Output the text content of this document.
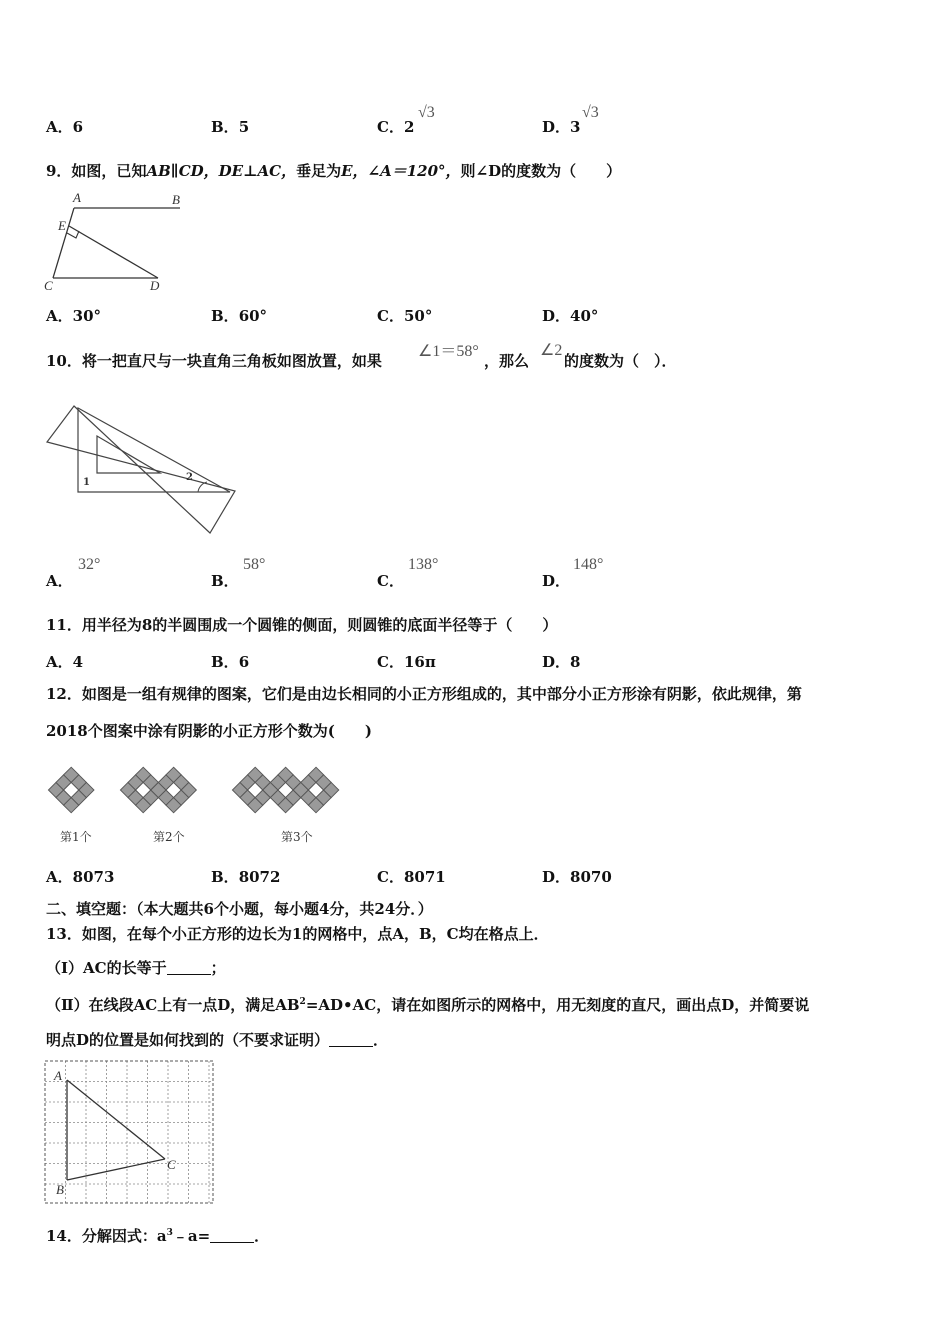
A．6	B．5	C．2
√3
D．3
√3
9．如图，已知AB∥CD，DE⊥AC，垂足为E，∠A＝120°，则∠D的度数为（　　）
A	B
E
C	D
A．30°	B．60°	C．50°	D．40°
10．将一把直尺与一块直角三角板如图放置，如果
∠1＝58°
，那么
∠2
的度数为（　）．
1	2
A．
32°
B．
58°
C．
138°
D．
148°
11．用半径为8的半圆围成一个圆锥的侧面，则圆锥的底面半径等于（　　）
A．4	B．6	C．16π	D．8
12．如图是一组有规律的图案，它们是由边长相同的小正方形组成的，其中部分小正方形涂有阴影，依此规律，第
2018个图案中涂有阴影的小正方形个数为(　　)
第1个	第2个	第3个
A．8073	B．8072	C．8071	D．8070
二、填空题：（本大题共6个小题，每小题4分，共24分．）
13．如图，在每个小正方形的边长为1的网格中，点A，B，C均在格点上．
（Ⅰ）AC的长等于	；
（Ⅱ）在线段AC上有一点D，满足$AB^2=AD•AC$，请在如图所示的网格中，用无刻度的直尺，画出点D，并简要说
明点D的位置是如何找到的（不要求证明）	．
A
B
C
14．分解因式：$a^3﹣a=$	．
